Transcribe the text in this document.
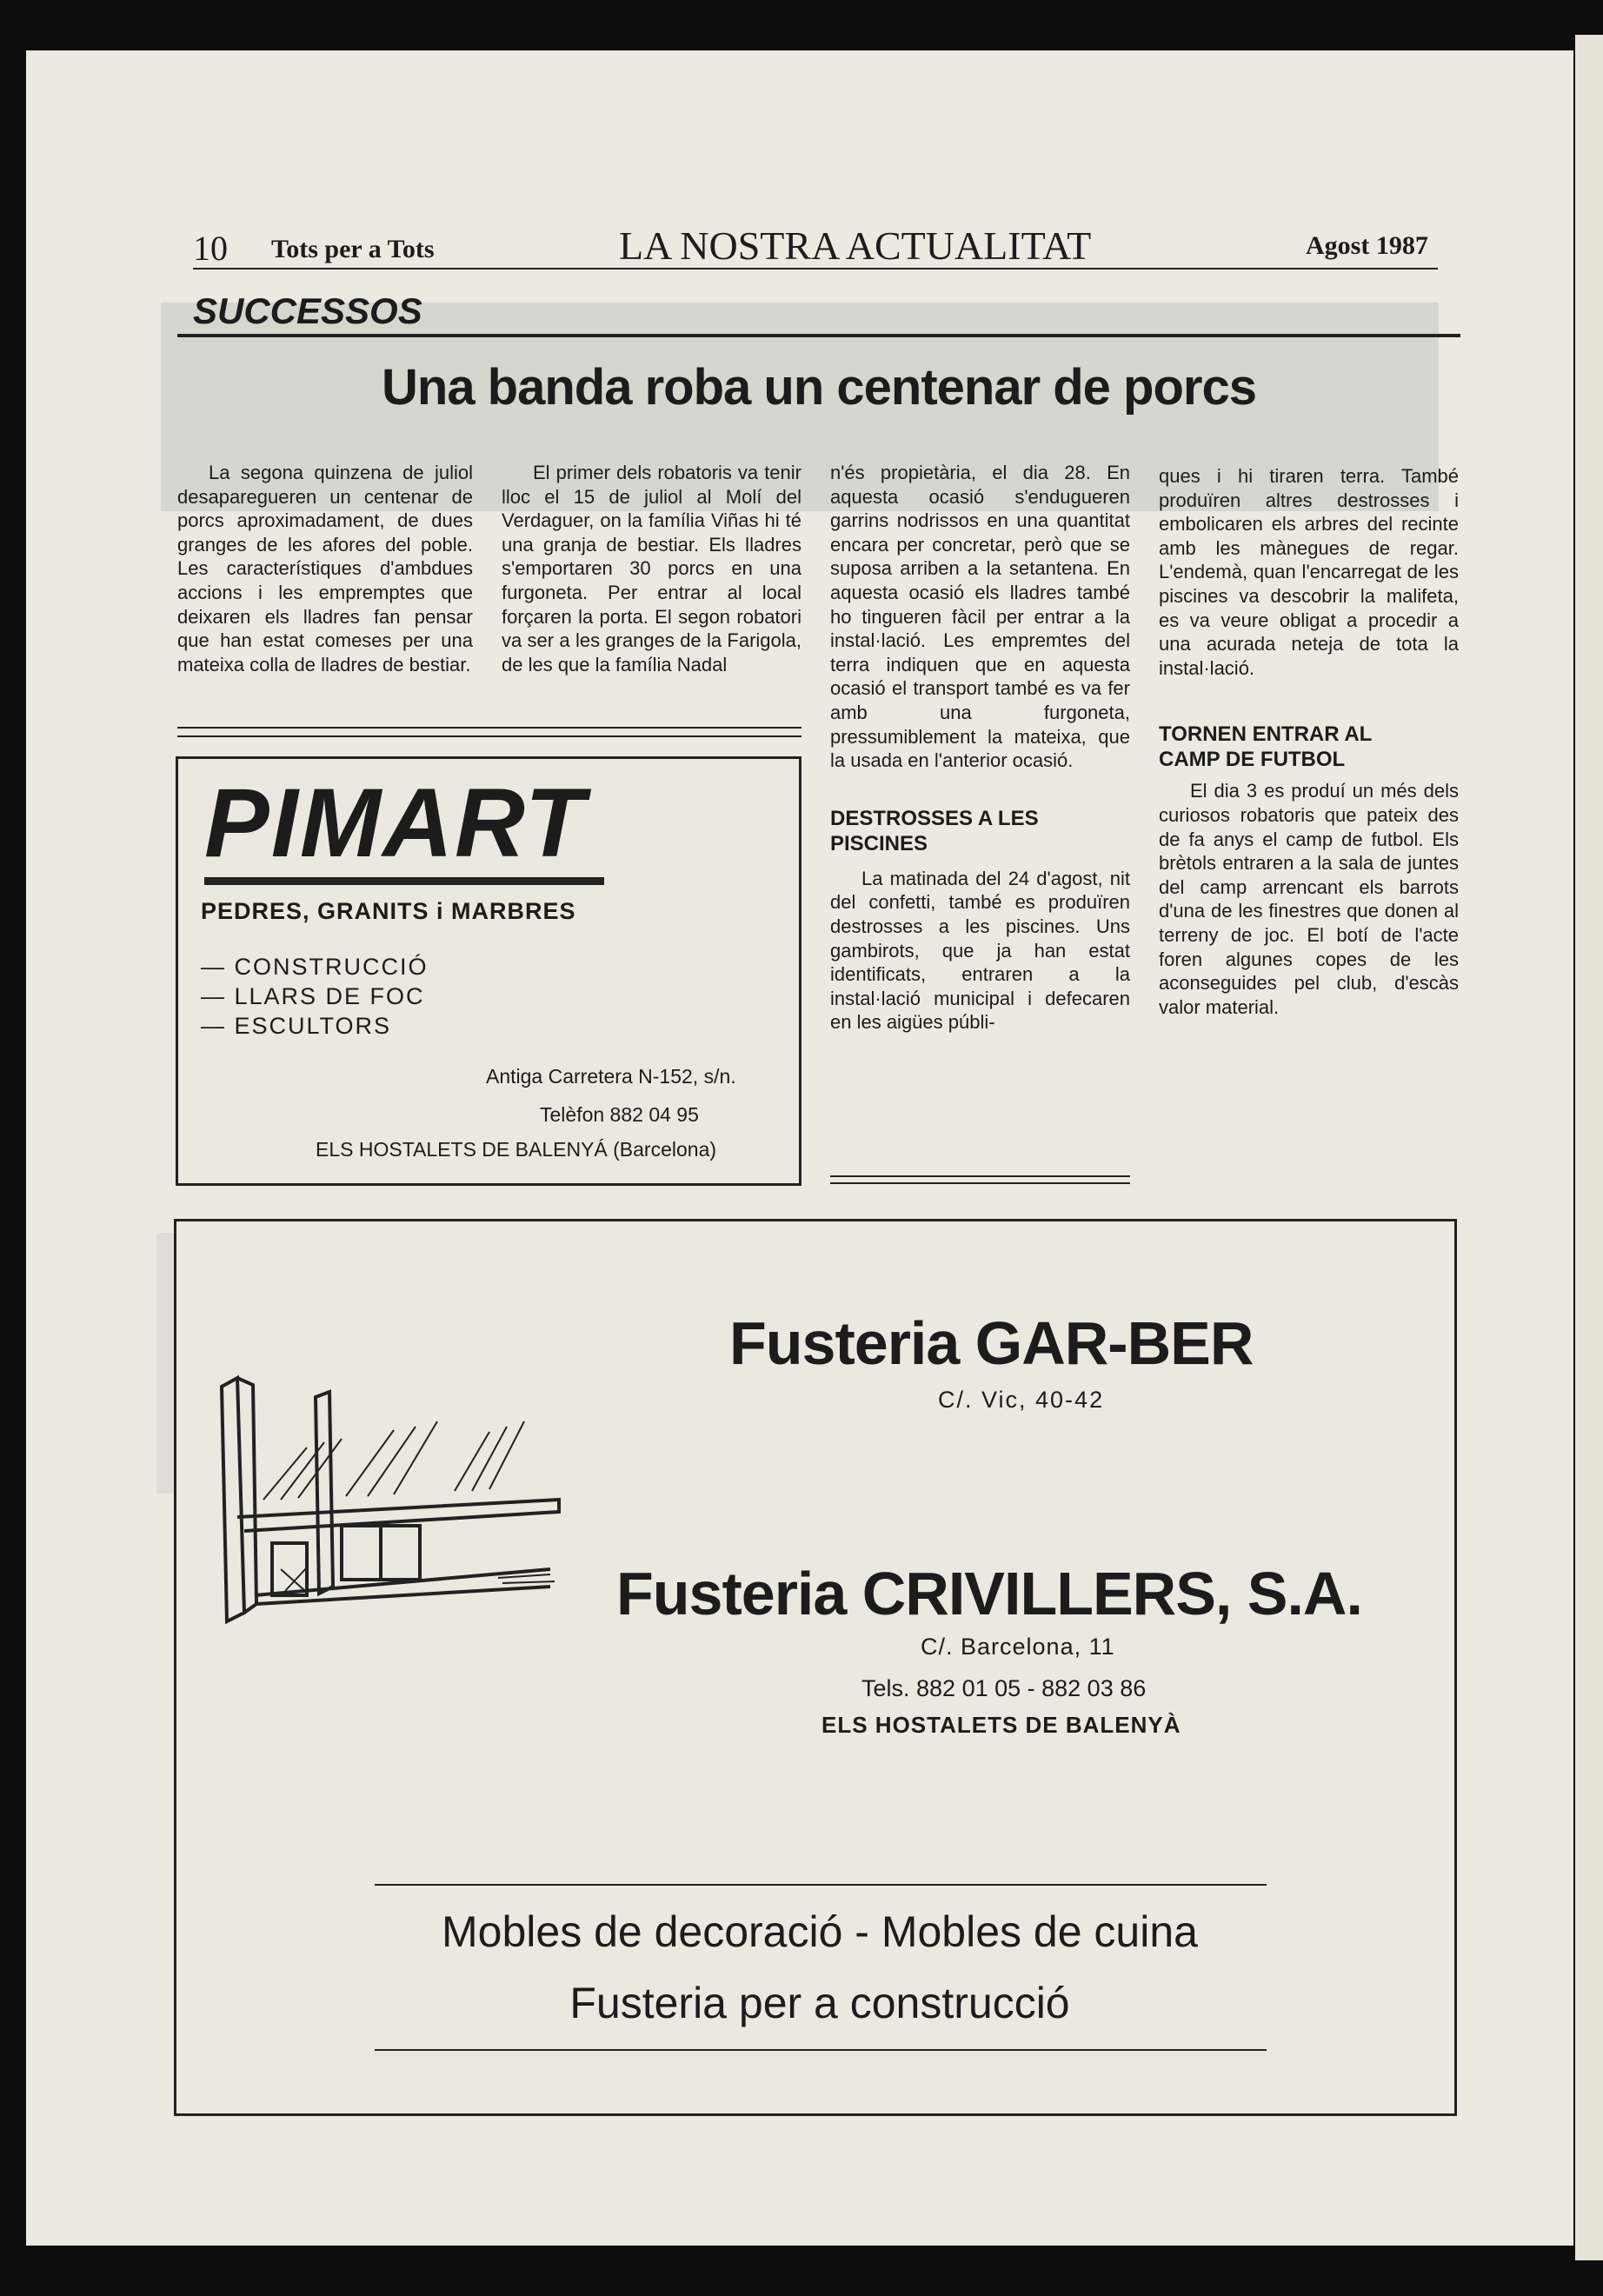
10 Tots per a Tots	LA NOSTRA ACTUALITAT	Agost 1987
SUCCESSOS
Una banda roba un centenar de porcs

La segona quinzena de juliol desaparegueren un centenar de porcs aproximadament, de dues granges de les afores del poble. Les característiques d'ambdues accions i les empremptes que deixaren els lladres fan pensar que han estat comeses per una mateixa colla de lladres de bestiar.

El primer dels robatoris va tenir lloc el 15 de juliol al Molí del Verdaguer, on la família Viñas hi té una granja de bestiar. Els lladres s'emportaren 30 porcs en una furgoneta. Per entrar al local forçaren la porta. El segon robatori va ser a les granges de la Farigola, de les que la família Nadal

n'és propietària, el dia 28. En aquesta ocasió s'endugueren garrins nodrissos en una quantitat encara per concretar, però que se suposa arriben a la setantena. En aquesta ocasió els lladres també ho tingueren fàcil per entrar a la instal·lació. Les empremtes del terra indiquen que en aquesta ocasió el transport també es va fer amb una furgoneta, pressumiblement la mateixa, que la usada en l'anterior ocasió.

DESTROSSES A LES PISCINES

La matinada del 24 d'agost, nit del confetti, també es produïren destrosses a les piscines. Uns gambirots, que ja han estat identificats, entraren a la instal·lació municipal i defecaren en les aigües públi-

ques i hi tiraren terra. També produïren altres destrosses i embolicaren els arbres del recinte amb les mànegues de regar. L'endemà, quan l'encarregat de les piscines va descobrir la malifeta, es va veure obligat a procedir a una acurada neteja de tota la instal·lació.

TORNEN ENTRAR AL CAMP DE FUTBOL

El dia 3 es produí un més dels curiosos robatoris que pateix des de fa anys el camp de futbol. Els brètols entraren a la sala de juntes del camp arrencant els barrots d'una de les finestres que donen al terreny de joc. El botí de l'acte foren algunes copes de les aconseguides pel club, d'escàs valor material.

PIMART
PEDRES, GRANITS i MARBRES
— CONSTRUCCIÓ
— LLARS DE FOC
— ESCULTORS
Antiga Carretera N-152, s/n.
Telèfon 882 04 95
ELS HOSTALETS DE BALENYÁ (Barcelona)
Fusteria GAR-BER
C/. Vic, 40-42
Fusteria CRIVILLERS, S.A.
C/. Barcelona, 11
Tels. 882 01 05 - 882 03 86
ELS HOSTALETS DE BALENYÀ
Mobles de decoració - Mobles de cuina
Fusteria per a construcció
